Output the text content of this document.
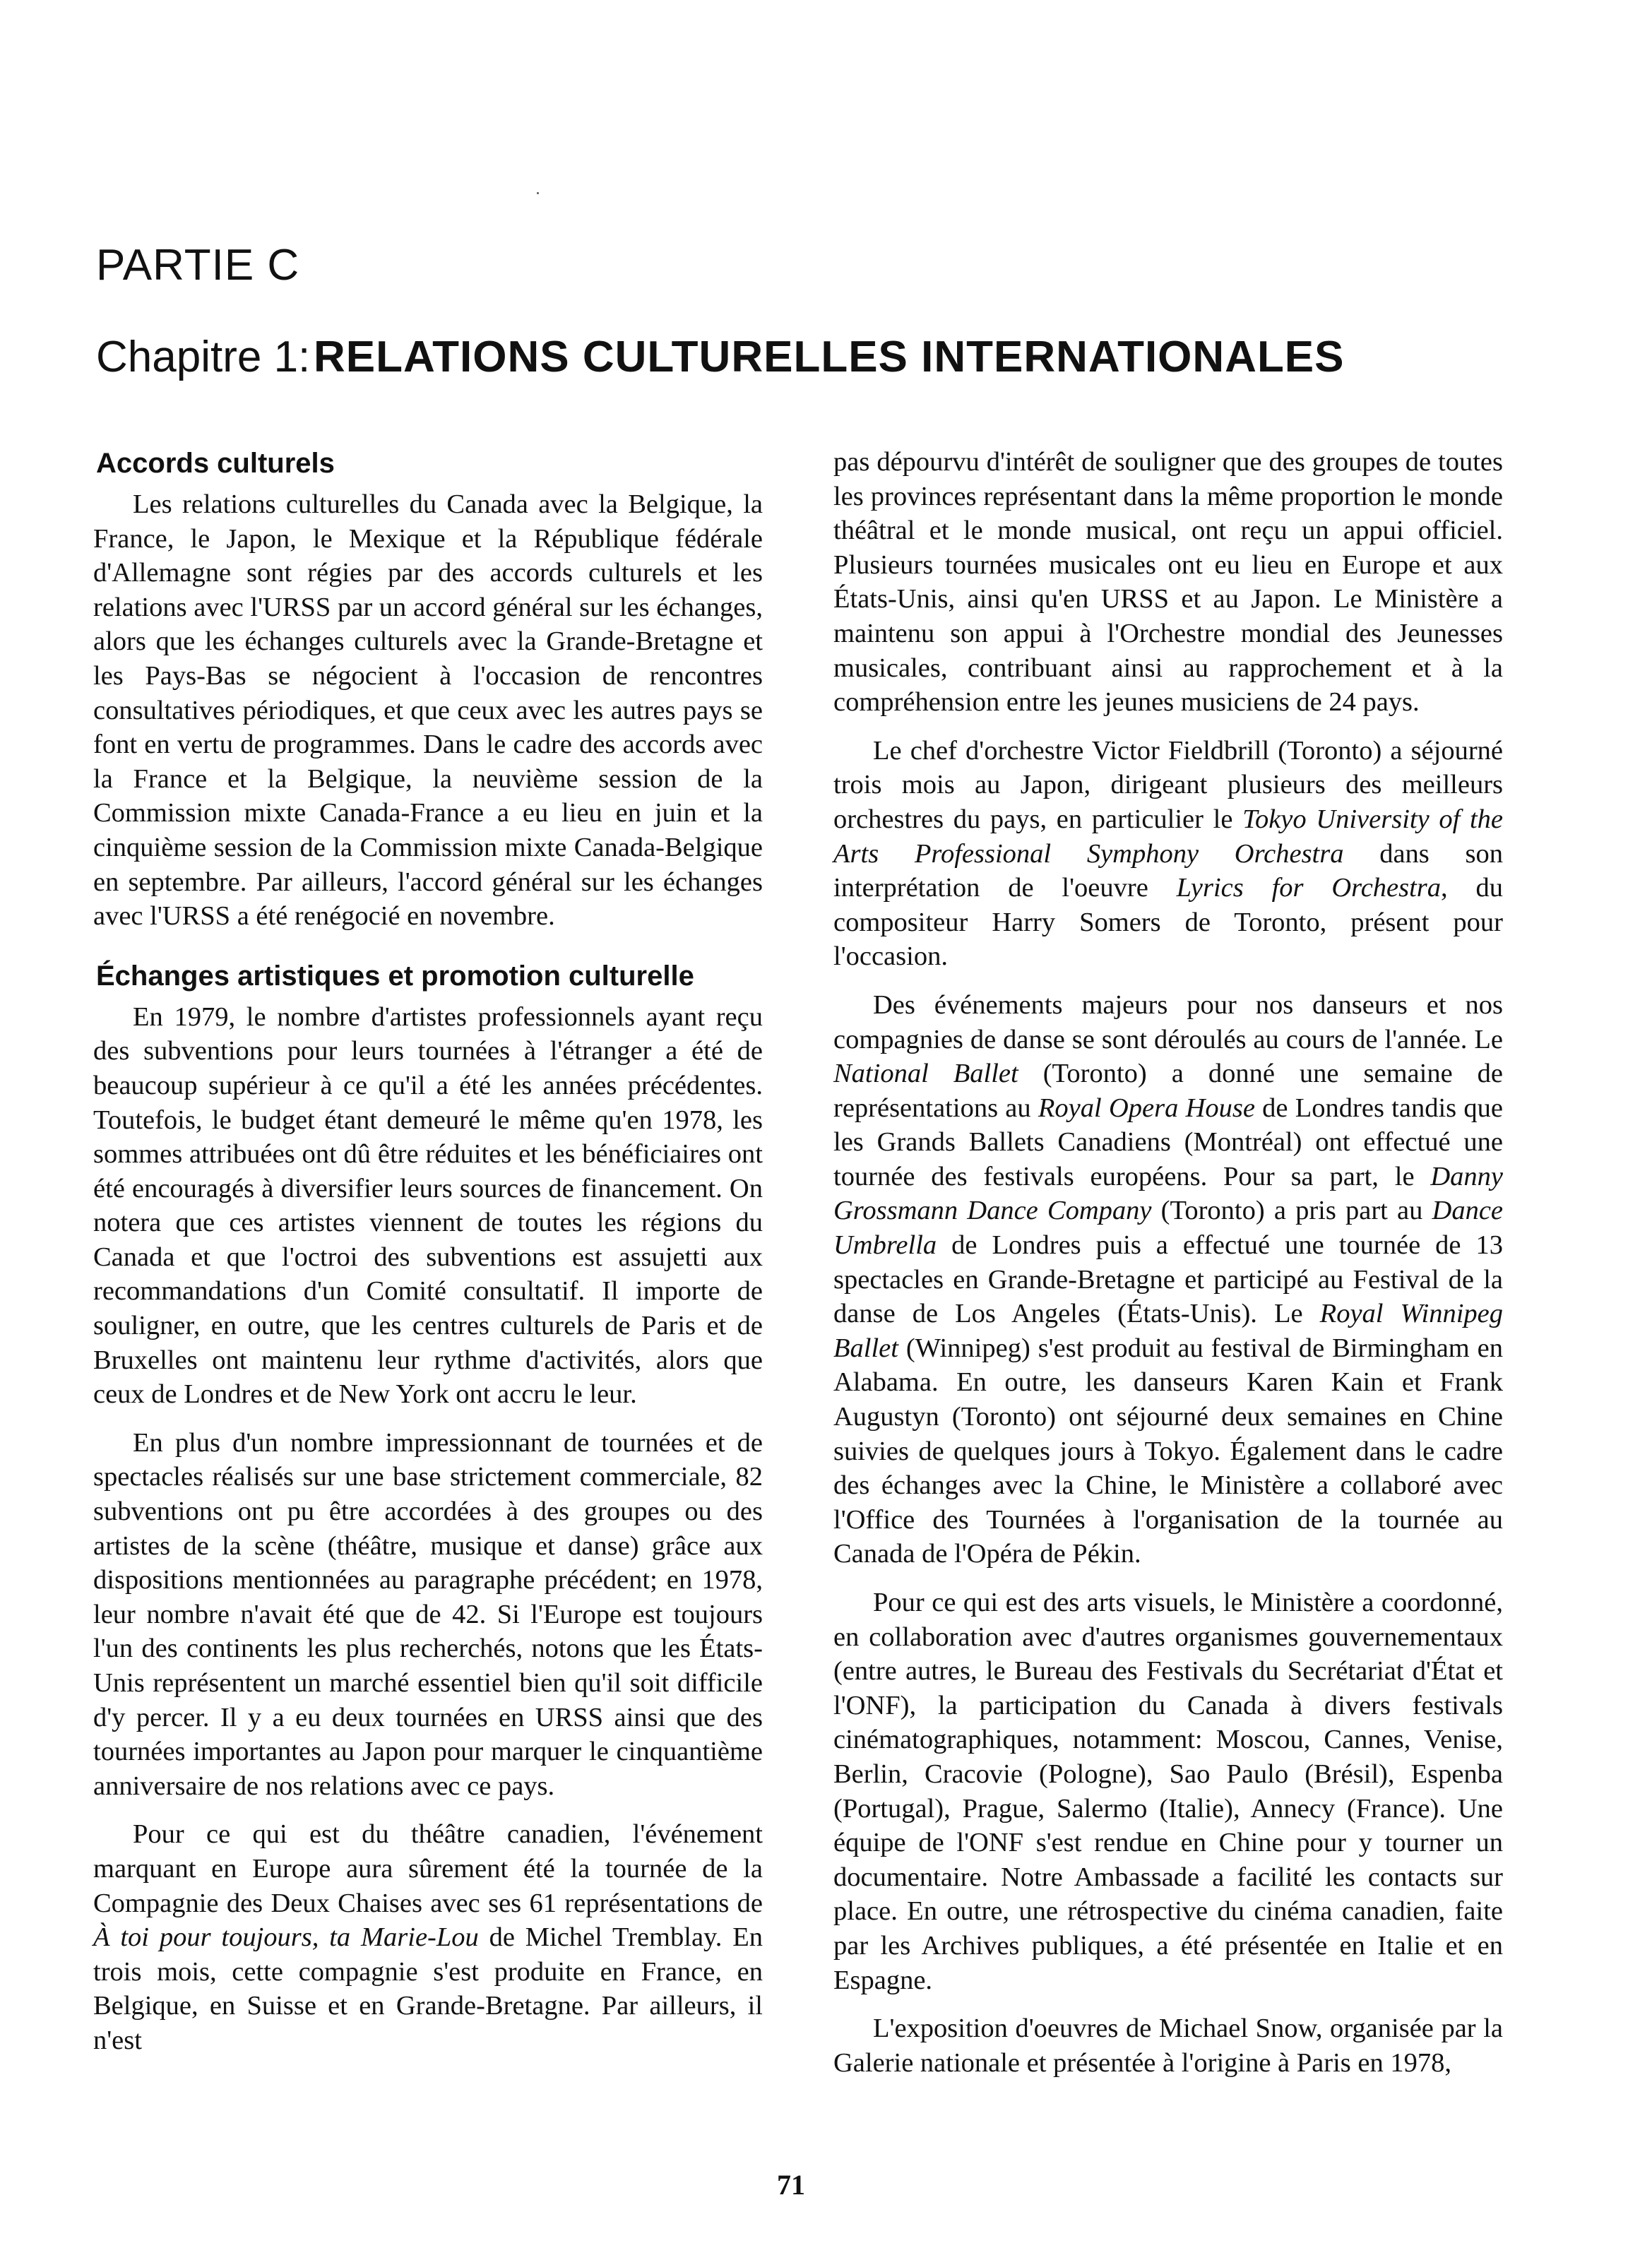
PARTIE C
Chapitre 1:RELATIONS CULTURELLES INTERNATIONALES
Accords culturels

Les relations culturelles du Canada avec la Belgique, la France, le Japon, le Mexique et la République fédérale d'Allemagne sont régies par des accords culturels et les relations avec l'URSS par un accord général sur les échanges, alors que les échanges culturels avec la Grande-Bretagne et les Pays-Bas se négocient à l'occasion de rencontres consultatives périodiques, et que ceux avec les autres pays se font en vertu de programmes. Dans le cadre des accords avec la France et la Belgique, la neuvième session de la Commission mixte Canada-France a eu lieu en juin et la cinquième session de la Commission mixte Canada-Belgique en septembre. Par ailleurs, l'accord général sur les échanges avec l'URSS a été renégocié en novembre.

Échanges artistiques et promotion culturelle

En 1979, le nombre d'artistes professionnels ayant reçu des subventions pour leurs tournées à l'étranger a été de beaucoup supérieur à ce qu'il a été les années précédentes. Toutefois, le budget étant demeuré le même qu'en 1978, les sommes attribuées ont dû être réduites et les bénéficiaires ont été encouragés à diversifier leurs sources de financement. On notera que ces artistes viennent de toutes les régions du Canada et que l'octroi des subventions est assujetti aux recommandations d'un Comité consultatif. Il importe de souligner, en outre, que les centres culturels de Paris et de Bruxelles ont maintenu leur rythme d'activités, alors que ceux de Londres et de New York ont accru le leur.

En plus d'un nombre impressionnant de tournées et de spectacles réalisés sur une base strictement commerciale, 82 subventions ont pu être accordées à des groupes ou des artistes de la scène (théâtre, musique et danse) grâce aux dispositions mentionnées au paragraphe précédent; en 1978, leur nombre n'avait été que de 42. Si l'Europe est toujours l'un des continents les plus recherchés, notons que les États-Unis représentent un marché essentiel bien qu'il soit difficile d'y percer. Il y a eu deux tournées en URSS ainsi que des tournées importantes au Japon pour marquer le cinquantième anniversaire de nos relations avec ce pays.

Pour ce qui est du théâtre canadien, l'événement marquant en Europe aura sûrement été la tournée de la Compagnie des Deux Chaises avec ses 61 représentations de À toi pour toujours, ta Marie-Lou de Michel Tremblay. En trois mois, cette compagnie s'est produite en France, en Belgique, en Suisse et en Grande-Bretagne. Par ailleurs, il n'est

pas dépourvu d'intérêt de souligner que des groupes de toutes les provinces représentant dans la même proportion le monde théâtral et le monde musical, ont reçu un appui officiel. Plusieurs tournées musicales ont eu lieu en Europe et aux États-Unis, ainsi qu'en URSS et au Japon. Le Ministère a maintenu son appui à l'Orchestre mondial des Jeunesses musicales, contribuant ainsi au rapprochement et à la compréhension entre les jeunes musiciens de 24 pays.

Le chef d'orchestre Victor Fieldbrill (Toronto) a séjourné trois mois au Japon, dirigeant plusieurs des meilleurs orchestres du pays, en particulier le Tokyo University of the Arts Professional Symphony Orchestra dans son interprétation de l'oeuvre Lyrics for Orchestra, du compositeur Harry Somers de Toronto, présent pour l'occasion.

Des événements majeurs pour nos danseurs et nos compagnies de danse se sont déroulés au cours de l'année. Le National Ballet (Toronto) a donné une semaine de représentations au Royal Opera House de Londres tandis que les Grands Ballets Canadiens (Montréal) ont effectué une tournée des festivals européens. Pour sa part, le Danny Grossmann Dance Company (Toronto) a pris part au Dance Umbrella de Londres puis a effectué une tournée de 13 spectacles en Grande-Bretagne et participé au Festival de la danse de Los Angeles (États-Unis). Le Royal Winnipeg Ballet (Winnipeg) s'est produit au festival de Birmingham en Alabama. En outre, les danseurs Karen Kain et Frank Augustyn (Toronto) ont séjourné deux semaines en Chine suivies de quelques jours à Tokyo. Également dans le cadre des échanges avec la Chine, le Ministère a collaboré avec l'Office des Tournées à l'organisation de la tournée au Canada de l'Opéra de Pékin.

Pour ce qui est des arts visuels, le Ministère a coordonné, en collaboration avec d'autres organismes gouvernementaux (entre autres, le Bureau des Festivals du Secrétariat d'État et l'ONF), la participation du Canada à divers festivals cinématographiques, notamment: Moscou, Cannes, Venise, Berlin, Cracovie (Pologne), Sao Paulo (Brésil), Espenba (Portugal), Prague, Salermo (Italie), Annecy (France). Une équipe de l'ONF s'est rendue en Chine pour y tourner un documentaire. Notre Ambassade a facilité les contacts sur place. En outre, une rétrospective du cinéma canadien, faite par les Archives publiques, a été présentée en Italie et en Espagne.

L'exposition d'oeuvres de Michael Snow, organisée par la Galerie nationale et présentée à l'origine à Paris en 1978,

71
